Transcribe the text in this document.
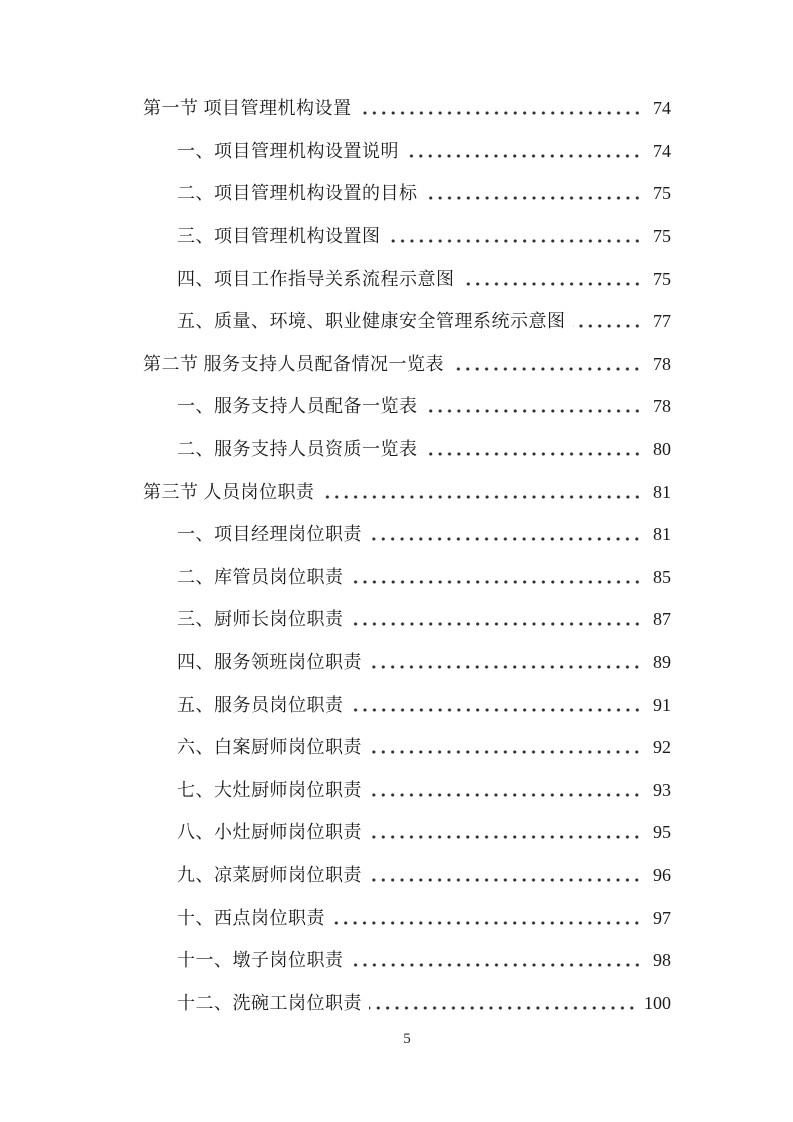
第一节 项目管理机构设置	74
一、项目管理机构设置说明	74
二、项目管理机构设置的目标	75
三、项目管理机构设置图	75
四、项目工作指导关系流程示意图	75
五、质量、环境、职业健康安全管理系统示意图	77
第二节 服务支持人员配备情况一览表	78
一、服务支持人员配备一览表	78
二、服务支持人员资质一览表	80
第三节 人员岗位职责	81
一、项目经理岗位职责	81
二、库管员岗位职责	85
三、厨师长岗位职责	87
四、服务领班岗位职责	89
五、服务员岗位职责	91
六、白案厨师岗位职责	92
七、大灶厨师岗位职责	93
八、小灶厨师岗位职责	95
九、凉菜厨师岗位职责	96
十、西点岗位职责	97
十一、墩子岗位职责	98
十二、洗碗工岗位职责	100
5
